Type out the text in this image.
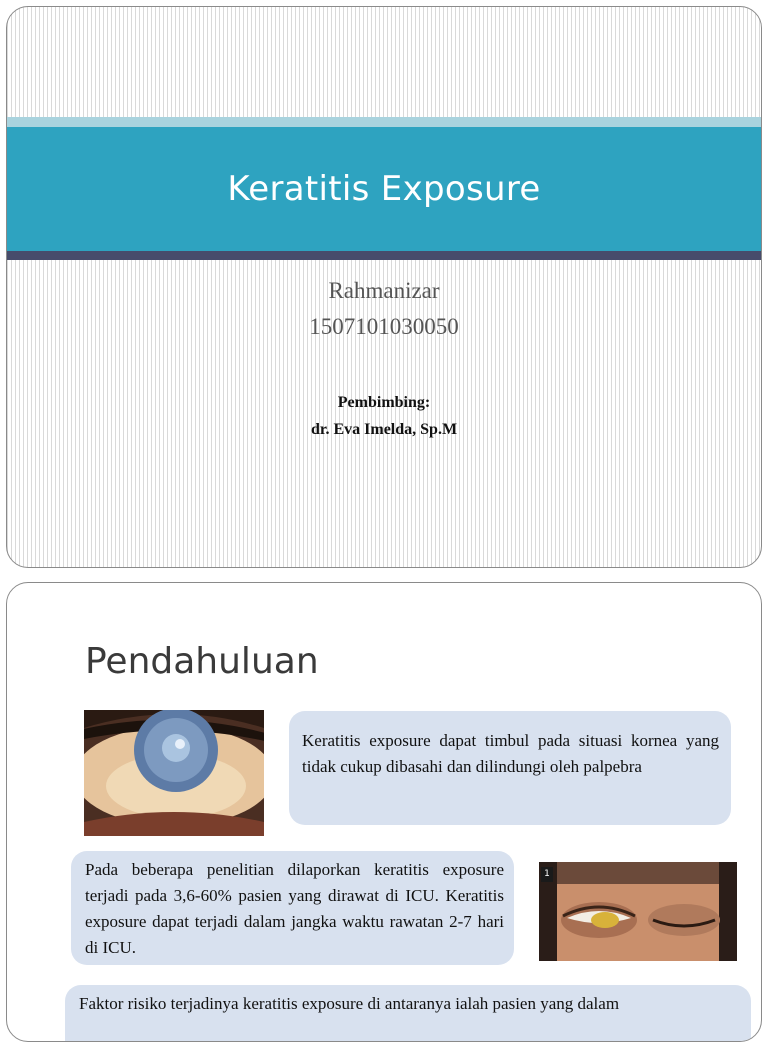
Keratitis Exposure
Rahmanizar
1507101030050
Pembimbing:
dr. Eva Imelda, Sp.M
Pendahuluan
Keratitis exposure dapat timbul pada situasi kornea yang tidak cukup dibasahi dan dilindungi oleh palpebra
Pada beberapa penelitian dilaporkan keratitis exposure terjadi pada 3,6-60% pasien yang dirawat di ICU. Keratitis exposure dapat terjadi dalam jangka waktu rawatan 2-7 hari di ICU.
1
Faktor risiko terjadinya keratitis exposure di antaranya ialah pasien yang dalam
